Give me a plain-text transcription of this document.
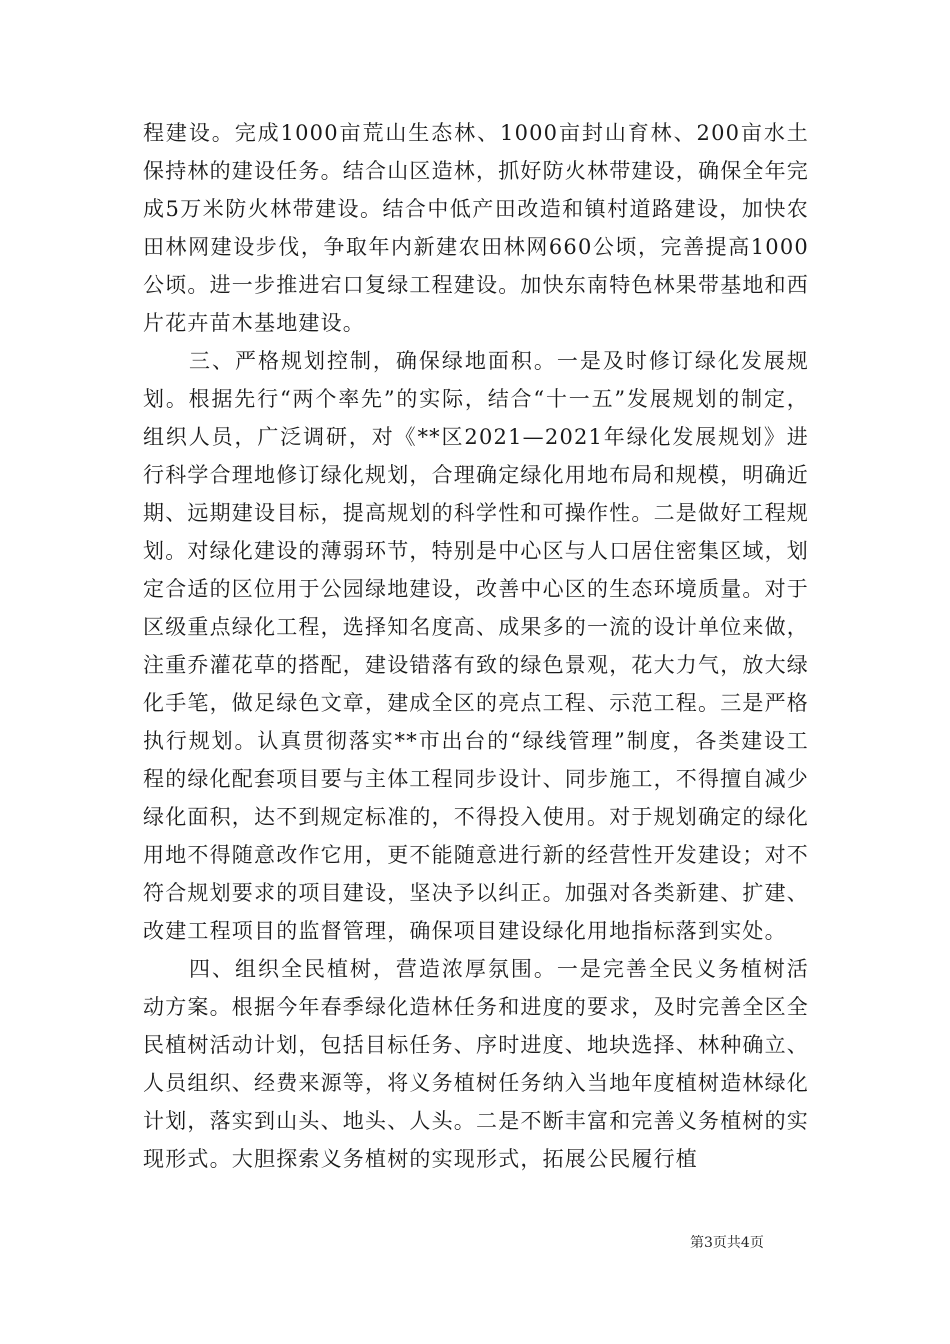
程建设。完成1000亩荒山生态林、1000亩封山育林、200亩水土保持林的建设任务。结合山区造林，抓好防火林带建设，确保全年完成5万米防火林带建设。结合中低产田改造和镇村道路建设，加快农田林网建设步伐，争取年内新建农田林网660公顷，完善提高1000公顷。进一步推进宕口复绿工程建设。加快东南特色林果带基地和西片花卉苗木基地建设。

三、严格规划控制，确保绿地面积。一是及时修订绿化发展规划。根据先行“两个率先”的实际，结合“十一五”发展规划的制定，组织人员，广泛调研，对《**区2021—2021年绿化发展规划》进行科学合理地修订绿化规划，合理确定绿化用地布局和规模，明确近期、远期建设目标，提高规划的科学性和可操作性。二是做好工程规划。对绿化建设的薄弱环节，特别是中心区与人口居住密集区域，划定合适的区位用于公园绿地建设，改善中心区的生态环境质量。对于区级重点绿化工程，选择知名度高、成果多的一流的设计单位来做，注重乔灌花草的搭配，建设错落有致的绿色景观，花大力气，放大绿化手笔，做足绿色文章，建成全区的亮点工程、示范工程。三是严格执行规划。认真贯彻落实**市出台的“绿线管理”制度，各类建设工程的绿化配套项目要与主体工程同步设计、同步施工，不得擅自减少绿化面积，达不到规定标准的，不得投入使用。对于规划确定的绿化用地不得随意改作它用，更不能随意进行新的经营性开发建设；对不符合规划要求的项目建设，坚决予以纠正。加强对各类新建、扩建、改建工程项目的监督管理，确保项目建设绿化用地指标落到实处。

四、组织全民植树，营造浓厚氛围。一是完善全民义务植树活动方案。根据今年春季绿化造林任务和进度的要求，及时完善全区全民植树活动计划，包括目标任务、序时进度、地块选择、林种确立、人员组织、经费来源等，将义务植树任务纳入当地年度植树造林绿化计划，落实到山头、地头、人头。二是不断丰富和完善义务植树的实现形式。大胆探索义务植树的实现形式，拓展公民履行植

第3页共4页
